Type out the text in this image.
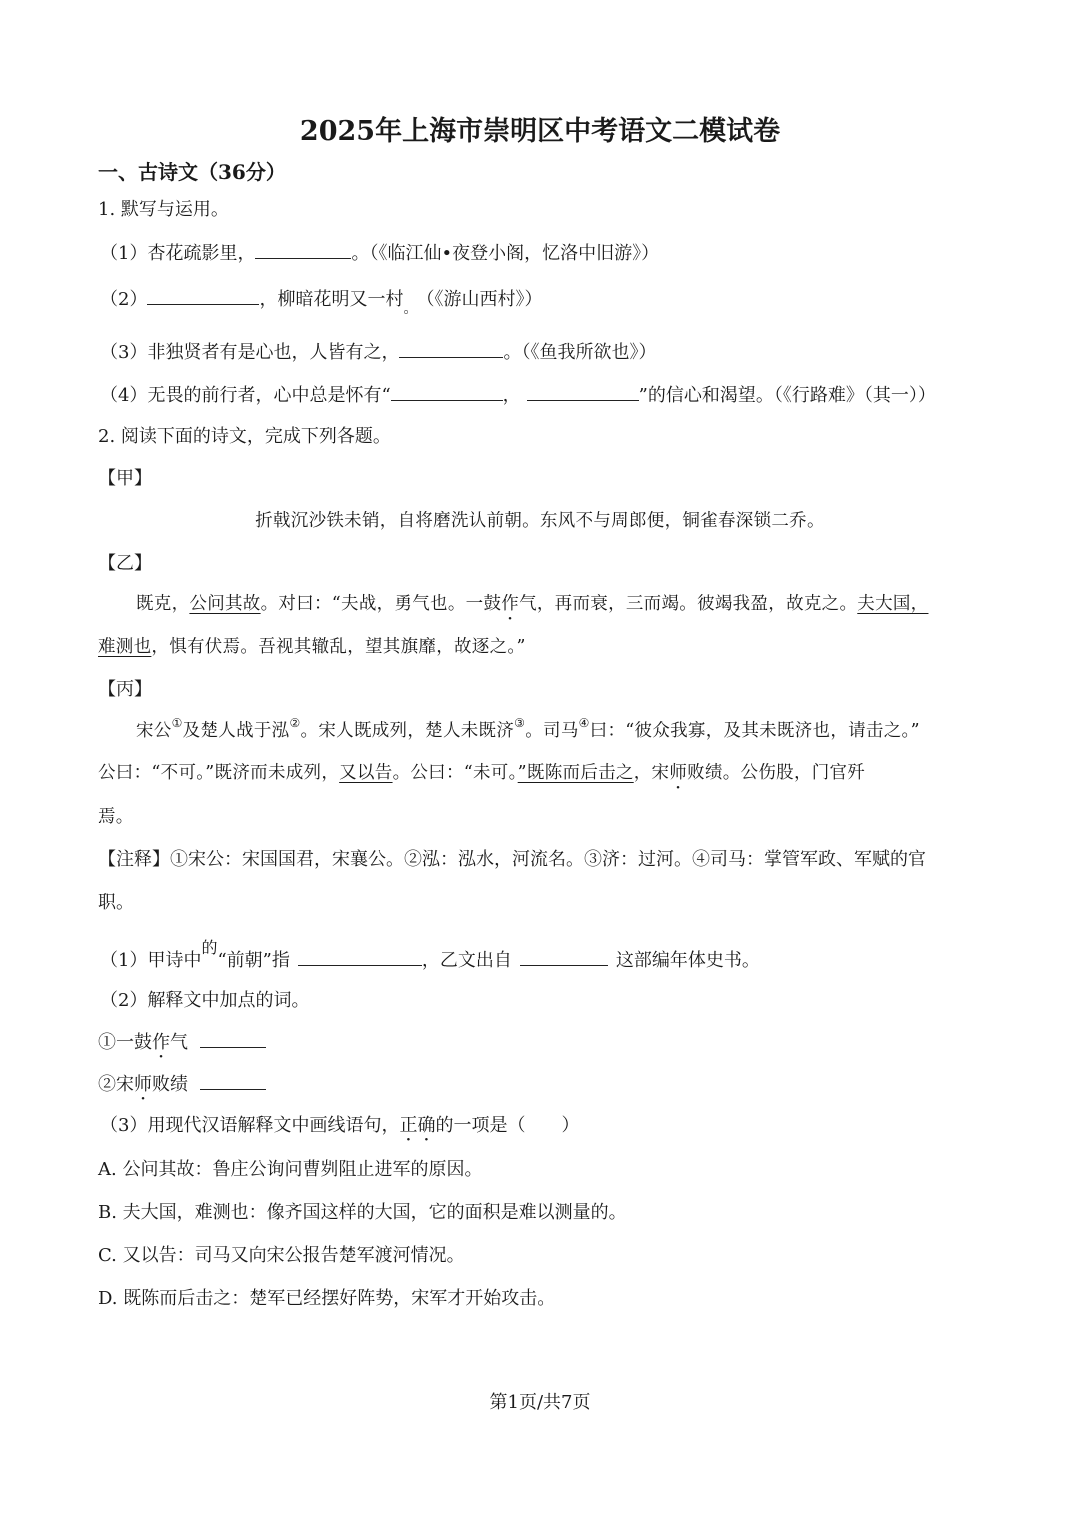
2025年上海市崇明区中考语文二模试卷
一、古诗文（36分）
1. 默写与运用。
（1）杏花疏影里，	。（《临江仙•夜登小阁，忆洛中旧游》）
（2）	，柳暗花明又一村$_。$ （《游山西村》）
（3）非独贤者有是心也，人皆有之，	。（《鱼我所欲也》）
（4）无畏的前行者，心中总是怀有“	，	”的信心和渴望。（《行路难》（其一））
2. 阅读下面的诗文，完成下列各题。
【甲】
折戟沉沙铁未销，自将磨洗认前朝。东风不与周郎便，铜雀春深锁二乔。
【乙】
既克，公问其故。对曰：“夫战，勇气也。一鼓作气，再而衰，三而竭。彼竭我盈，故克之。夫大国，
难测也，惧有伏焉。吾视其辙乱，望其旗靡，故逐之。”
【丙】
宋公①及楚人战于泓②。宋人既成列，楚人未既济③。司马④曰：“彼众我寡，及其未既济也，请击之。”
公曰：“不可。”既济而未成列，又以告。公曰：“未可。”既陈而后击之，宋师败绩。公伤股，门官歼
焉。
【注释】①宋公：宋国国君，宋襄公。②泓：泓水，河流名。③济：过河。④司马：掌管军政、军赋的官
职。
（1）甲诗中$^的$“前朝”指	，乙文出自	这部编年体史书。
（2）解释文中加点的词。
①一鼓作气
②宋师败绩
（3）用现代汉语解释文中画线语句，正确的一项是（　　）
A. 公问其故：鲁庄公询问曹刿阻止进军的原因。
B. 夫大国，难测也：像齐国这样的大国，它的面积是难以测量的。
C. 又以告：司马又向宋公报告楚军渡河情况。
D. 既陈而后击之：楚军已经摆好阵势，宋军才开始攻击。
第1页/共7页
